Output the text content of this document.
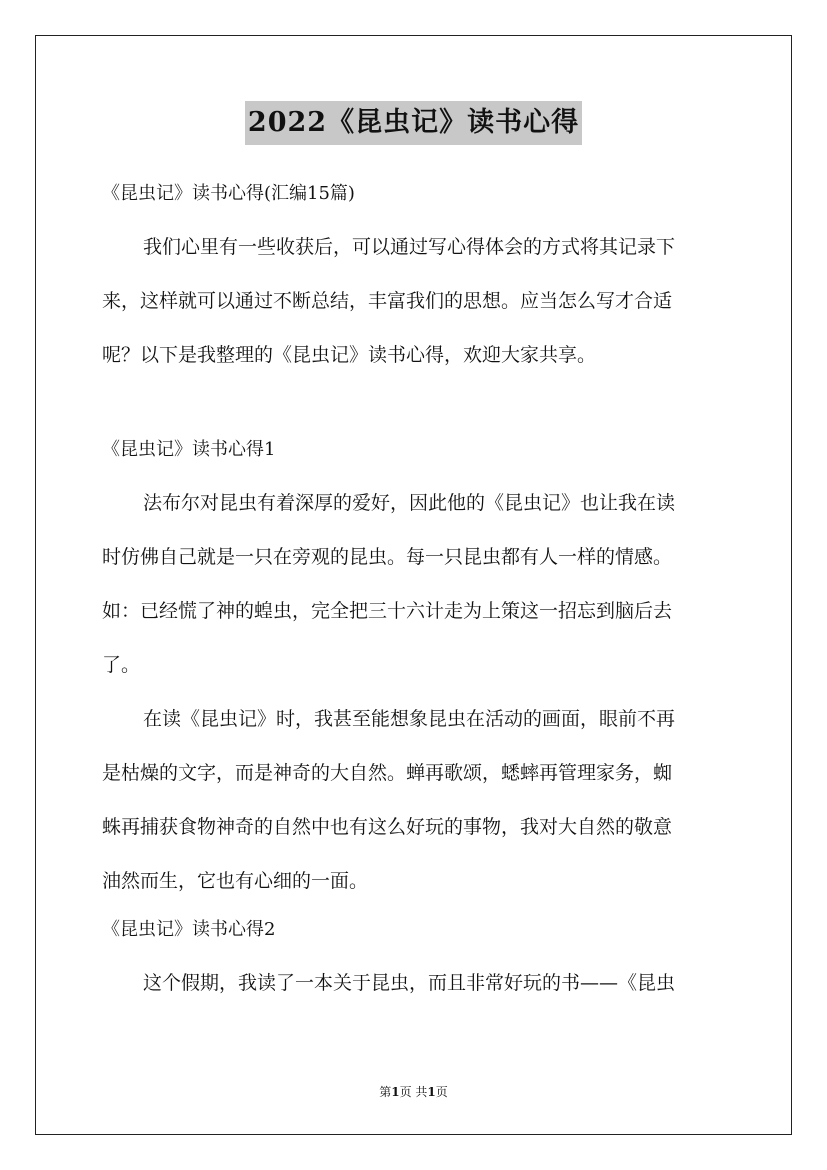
2022《昆虫记》读书心得
《昆虫记》读书心得(汇编15篇)
我们心里有一些收获后，可以通过写心得体会的方式将其记录下
来，这样就可以通过不断总结，丰富我们的思想。应当怎么写才合适
呢？以下是我整理的《昆虫记》读书心得，欢迎大家共享。
《昆虫记》读书心得1
法布尔对昆虫有着深厚的爱好，因此他的《昆虫记》也让我在读
时仿佛自己就是一只在旁观的昆虫。每一只昆虫都有人一样的情感。
如：已经慌了神的蝗虫，完全把三十六计走为上策这一招忘到脑后去
了。
在读《昆虫记》时，我甚至能想象昆虫在活动的画面，眼前不再
是枯燥的文字，而是神奇的大自然。蝉再歌颂，蟋蟀再管理家务，蜘
蛛再捕获食物神奇的自然中也有这么好玩的事物，我对大自然的敬意
油然而生，它也有心细的一面。
《昆虫记》读书心得2
这个假期，我读了一本关于昆虫，而且非常好玩的书——《昆虫
第1页 共1页
